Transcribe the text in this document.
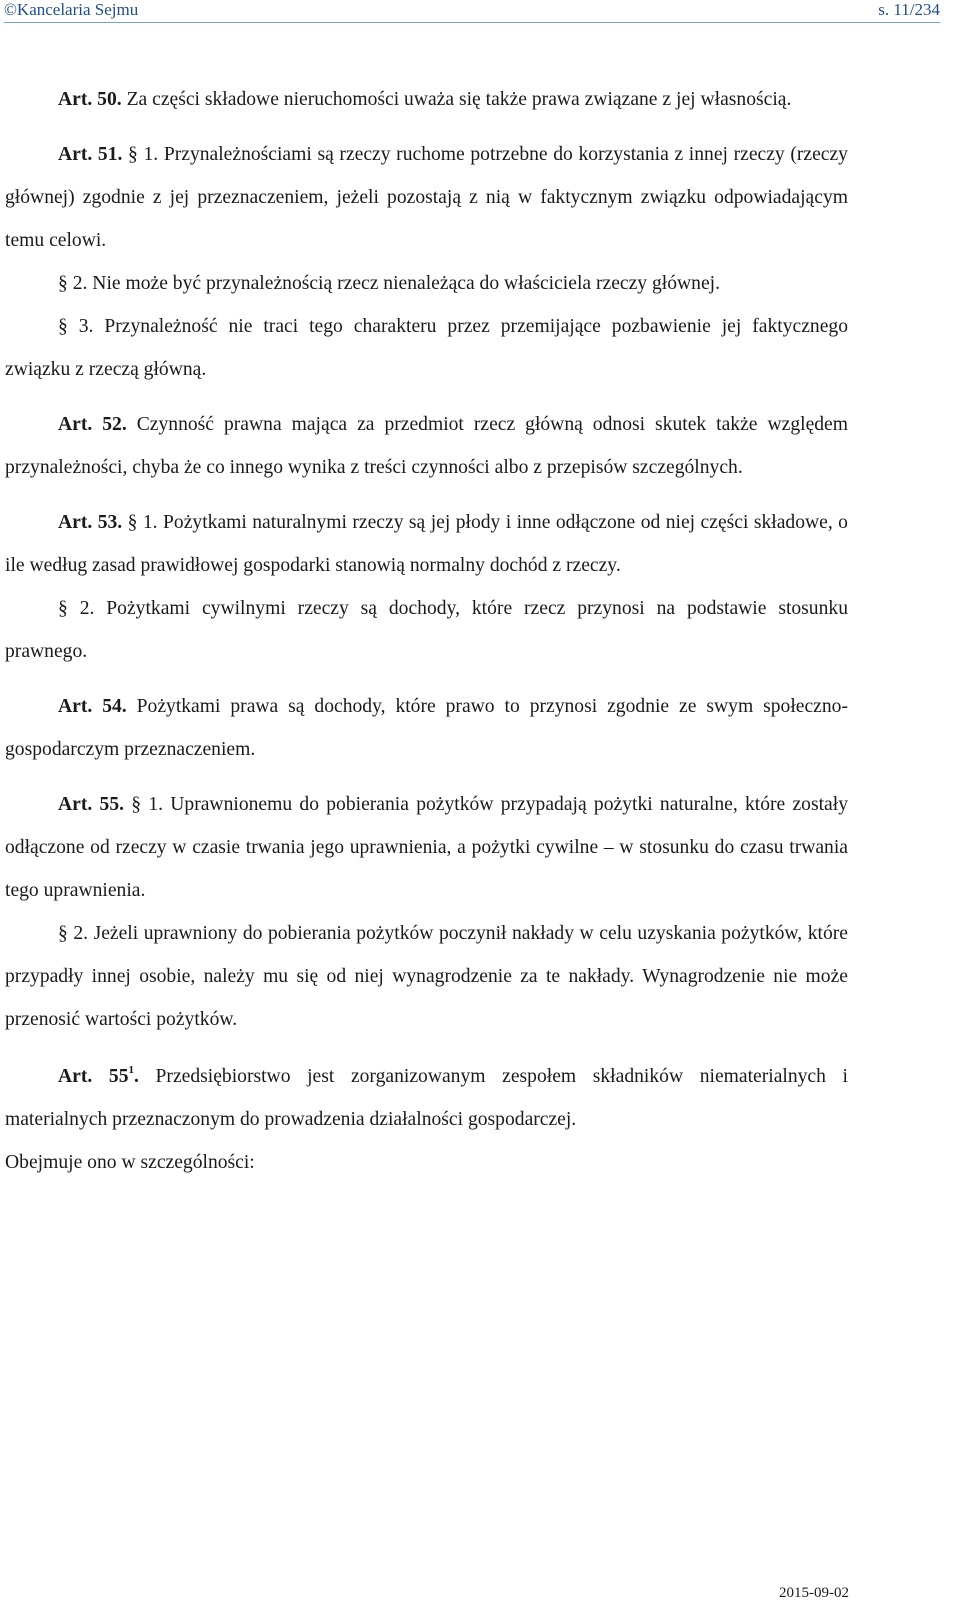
©Kancelaria Sejmu	s. 11/234

Art. 50. Za części składowe nieruchomości uważa się także prawa związane z jej własnością.

Art. 51. § 1. Przynależnościami są rzeczy ruchome potrzebne do korzystania z innej rzeczy (rzeczy głównej) zgodnie z jej przeznaczeniem, jeżeli pozostają z nią w faktycznym związku odpowiadającym temu celowi.

§ 2. Nie może być przynależnością rzecz nienależąca do właściciela rzeczy głównej.

§ 3. Przynależność nie traci tego charakteru przez przemijające pozbawienie jej faktycznego związku z rzeczą główną.

Art. 52. Czynność prawna mająca za przedmiot rzecz główną odnosi skutek także względem przynależności, chyba że co innego wynika z treści czynności albo z przepisów szczególnych.

Art. 53. § 1. Pożytkami naturalnymi rzeczy są jej płody i inne odłączone od niej części składowe, o ile według zasad prawidłowej gospodarki stanowią normalny dochód z rzeczy.

§ 2. Pożytkami cywilnymi rzeczy są dochody, które rzecz przynosi na podstawie stosunku prawnego.

Art. 54. Pożytkami prawa są dochody, które prawo to przynosi zgodnie ze swym społeczno-gospodarczym przeznaczeniem.

Art. 55. § 1. Uprawnionemu do pobierania pożytków przypadają pożytki naturalne, które zostały odłączone od rzeczy w czasie trwania jego uprawnienia, a pożytki cywilne – w stosunku do czasu trwania tego uprawnienia.

§ 2. Jeżeli uprawniony do pobierania pożytków poczynił nakłady w celu uzyskania pożytków, które przypadły innej osobie, należy mu się od niej wynagrodzenie za te nakłady. Wynagrodzenie nie może przenosić wartości pożytków.

Art. $55^1$. Przedsiębiorstwo jest zorganizowanym zespołem składników niematerialnych i materialnych przeznaczonym do prowadzenia działalności gospodarczej.

Obejmuje ono w szczególności:

2015-09-02
